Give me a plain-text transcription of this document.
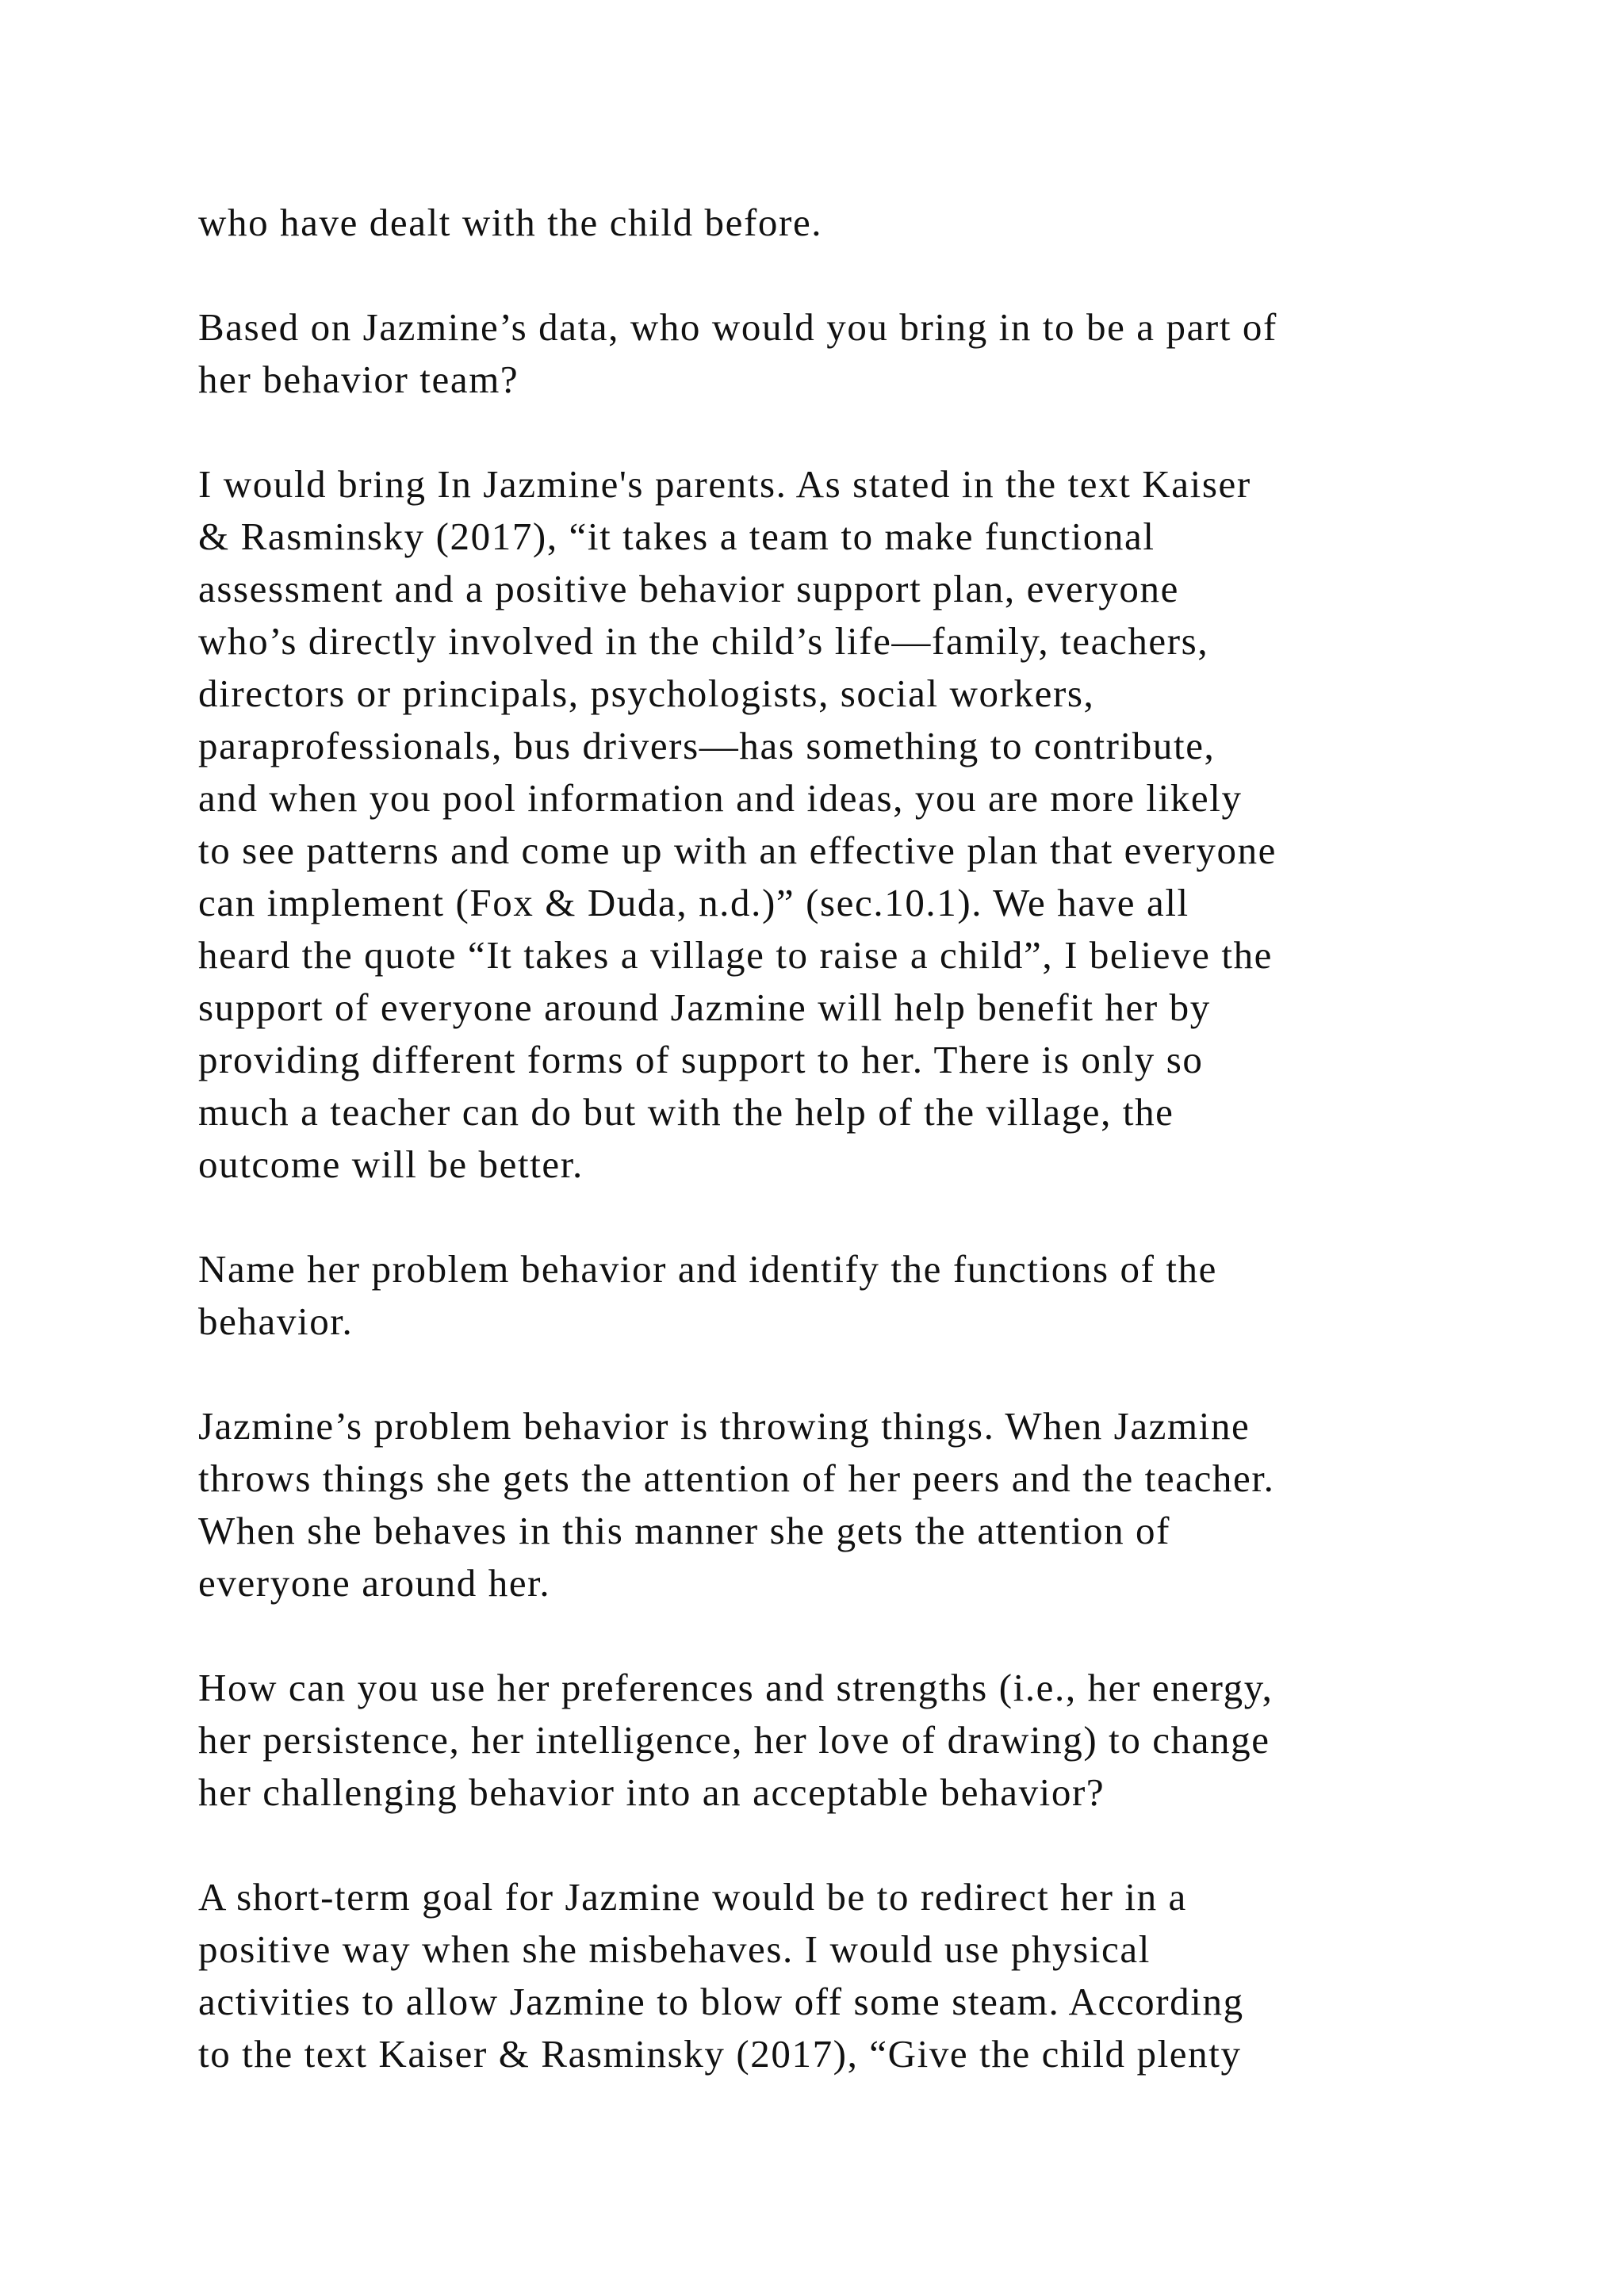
who have dealt with the child before.

Based on Jazmine’s data, who would you bring in to be a part of
her behavior team?

I would bring In Jazmine's parents. As stated in the text Kaiser
& Rasminsky (2017), “it takes a team to make functional
assessment and a positive behavior support plan, everyone
who’s directly involved in the child’s life—family, teachers,
directors or principals, psychologists, social workers,
paraprofessionals, bus drivers—has something to contribute,
and when you pool information and ideas, you are more likely
to see patterns and come up with an effective plan that everyone
can implement (Fox & Duda, n.d.)” (sec.10.1). We have all
heard the quote “It takes a village to raise a child”, I believe the
support of everyone around Jazmine will help benefit her by
providing different forms of support to her. There is only so
much a teacher can do but with the help of the village, the
outcome will be better.

Name her problem behavior and identify the functions of the
behavior.

Jazmine’s problem behavior is throwing things. When Jazmine
throws things she gets the attention of her peers and the teacher.
When she behaves in this manner she gets the attention of
everyone around her.

How can you use her preferences and strengths (i.e., her energy,
her persistence, her intelligence, her love of drawing) to change
her challenging behavior into an acceptable behavior?

A short-term goal for Jazmine would be to redirect her in a
positive way when she misbehaves. I would use physical
activities to allow Jazmine to blow off some steam. According
to the text Kaiser & Rasminsky (2017), “Give the child plenty
